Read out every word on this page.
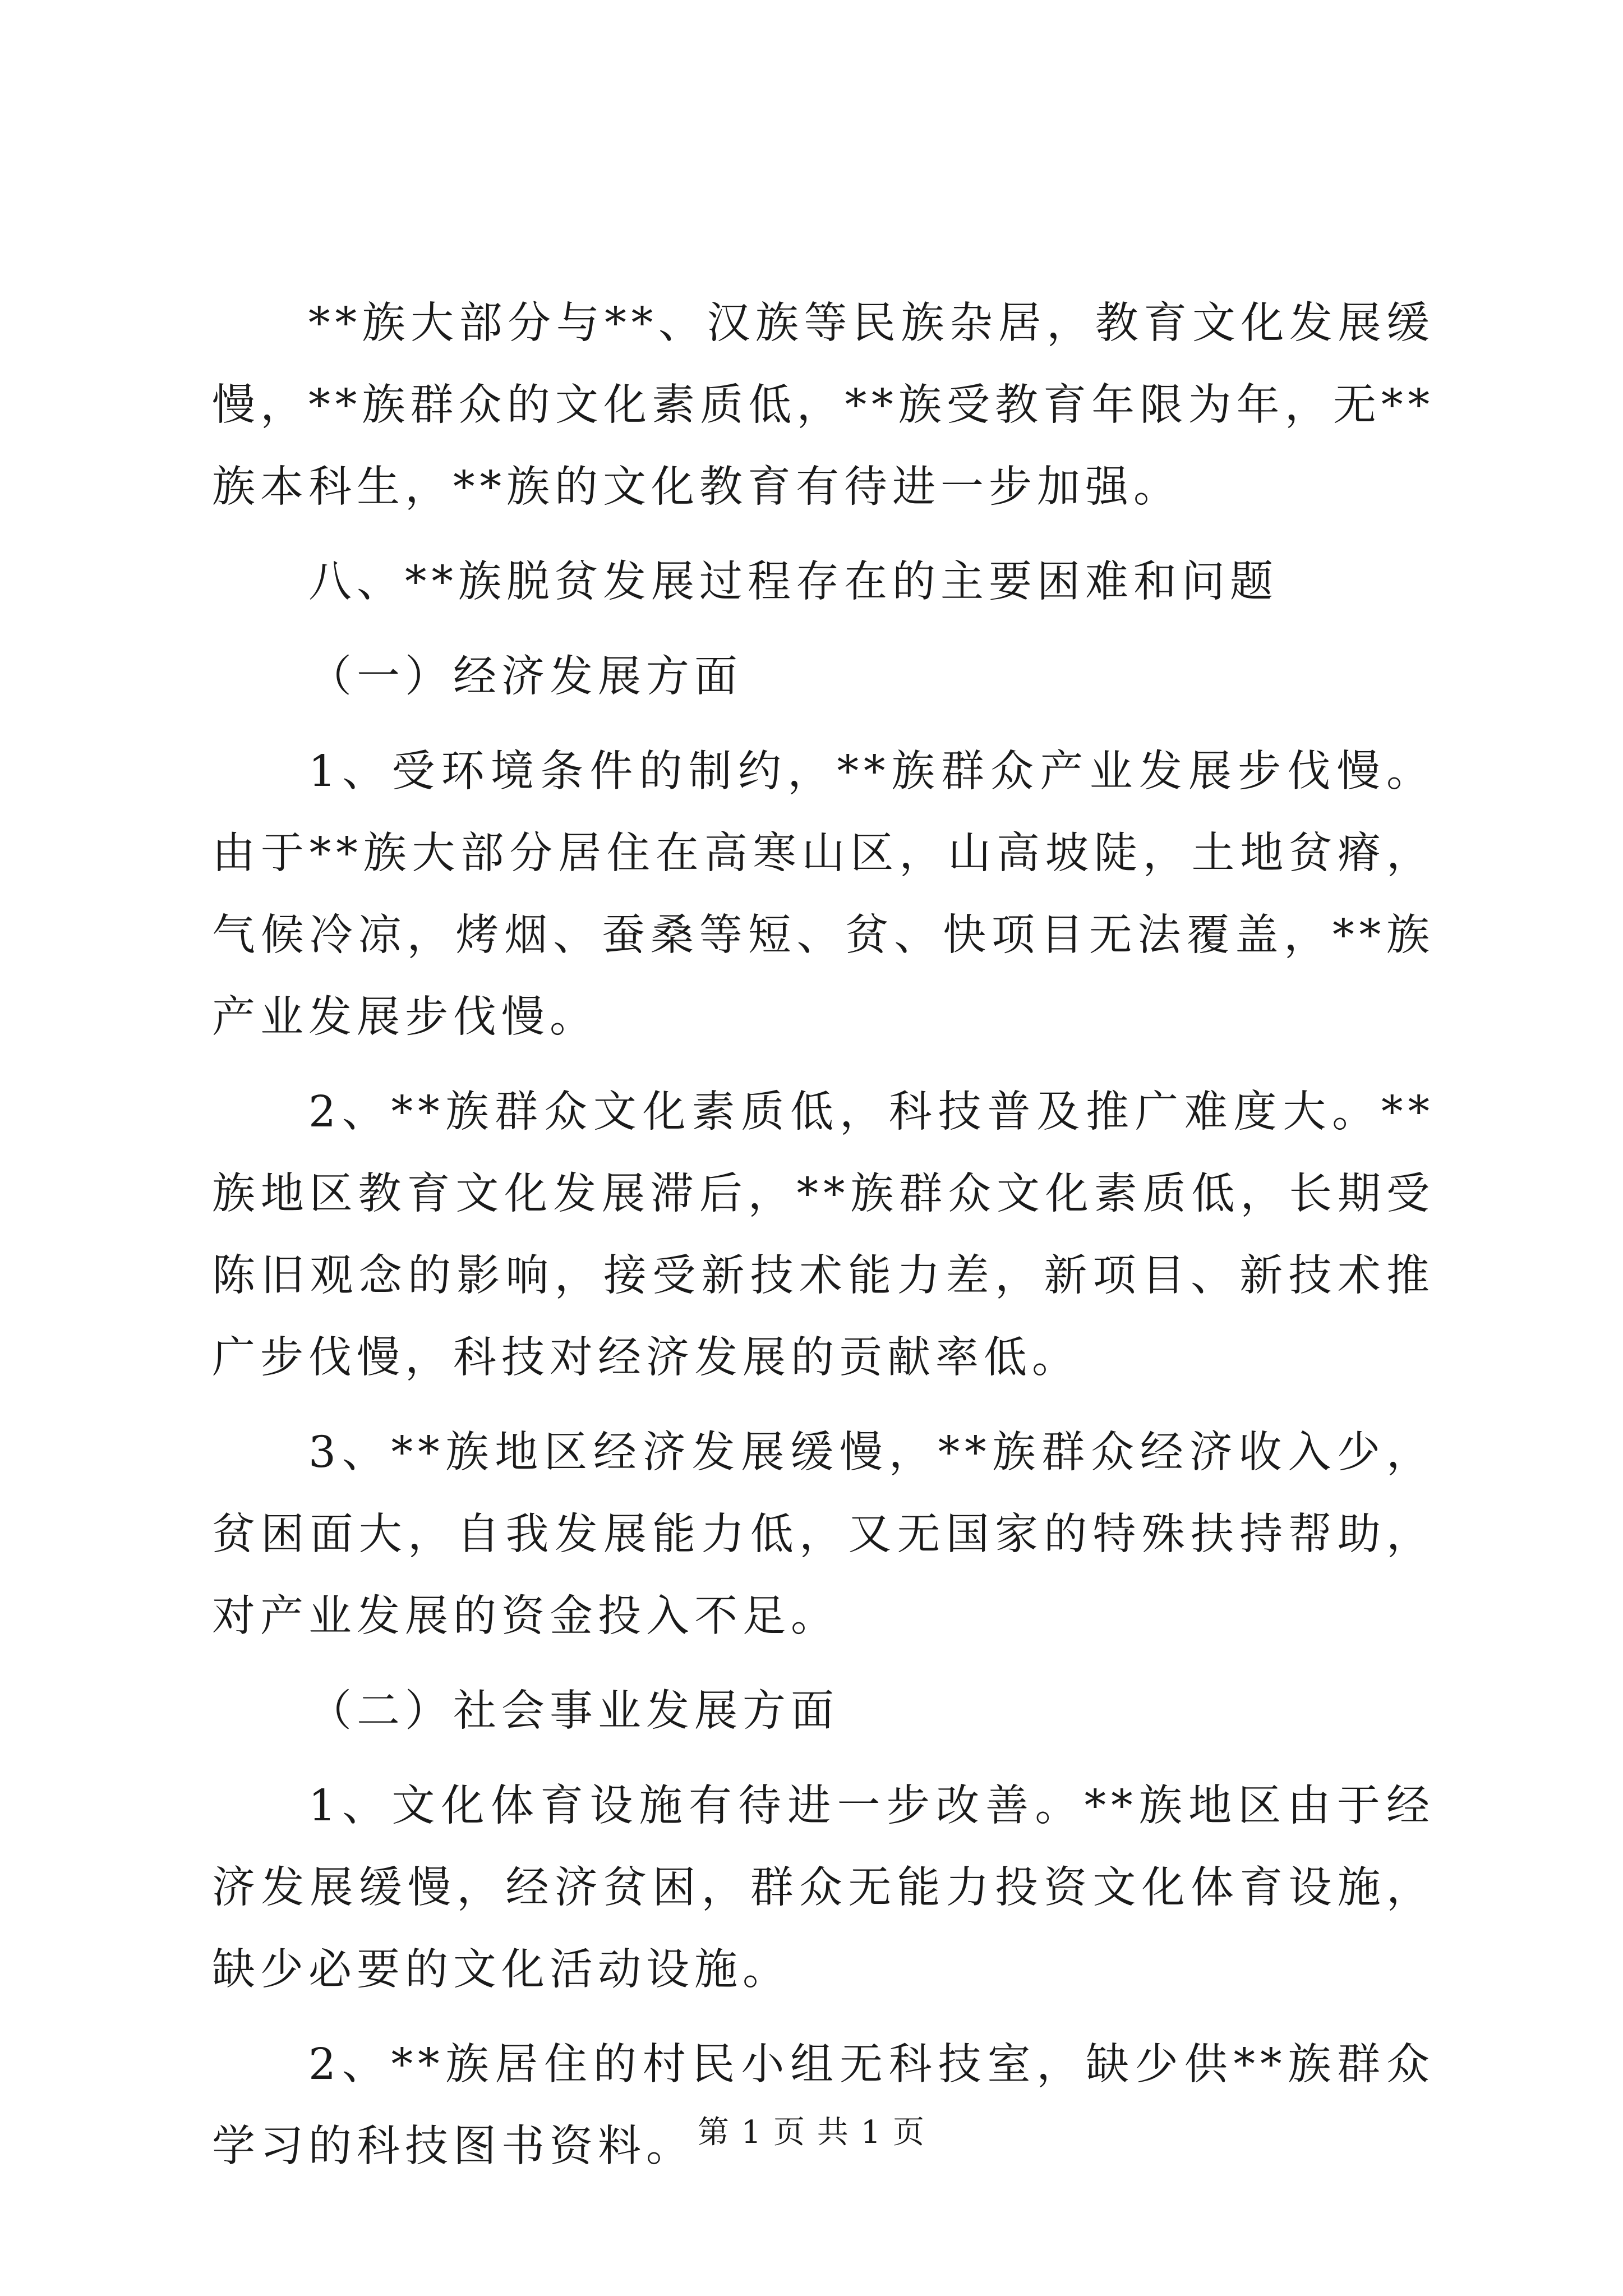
**族大部分与**、汉族等民族杂居，教育文化发展缓慢，**族群众的文化素质低，**族受教育年限为年，无**族本科生，**族的文化教育有待进一步加强。

八、**族脱贫发展过程存在的主要困难和问题

（一）经济发展方面

1、受环境条件的制约，**族群众产业发展步伐慢。由于**族大部分居住在高寒山区，山高坡陡，土地贫瘠，气候冷凉，烤烟、蚕桑等短、贫、快项目无法覆盖，**族产业发展步伐慢。

2、**族群众文化素质低，科技普及推广难度大。**族地区教育文化发展滞后，**族群众文化素质低，长期受陈旧观念的影响，接受新技术能力差，新项目、新技术推广步伐慢，科技对经济发展的贡献率低。

3、**族地区经济发展缓慢，**族群众经济收入少，贫困面大，自我发展能力低，又无国家的特殊扶持帮助，对产业发展的资金投入不足。

（二）社会事业发展方面

1、文化体育设施有待进一步改善。**族地区由于经济发展缓慢，经济贫困，群众无能力投资文化体育设施，缺少必要的文化活动设施。

2、**族居住的村民小组无科技室，缺少供**族群众学习的科技图书资料。 第 1 页 共 1 页
